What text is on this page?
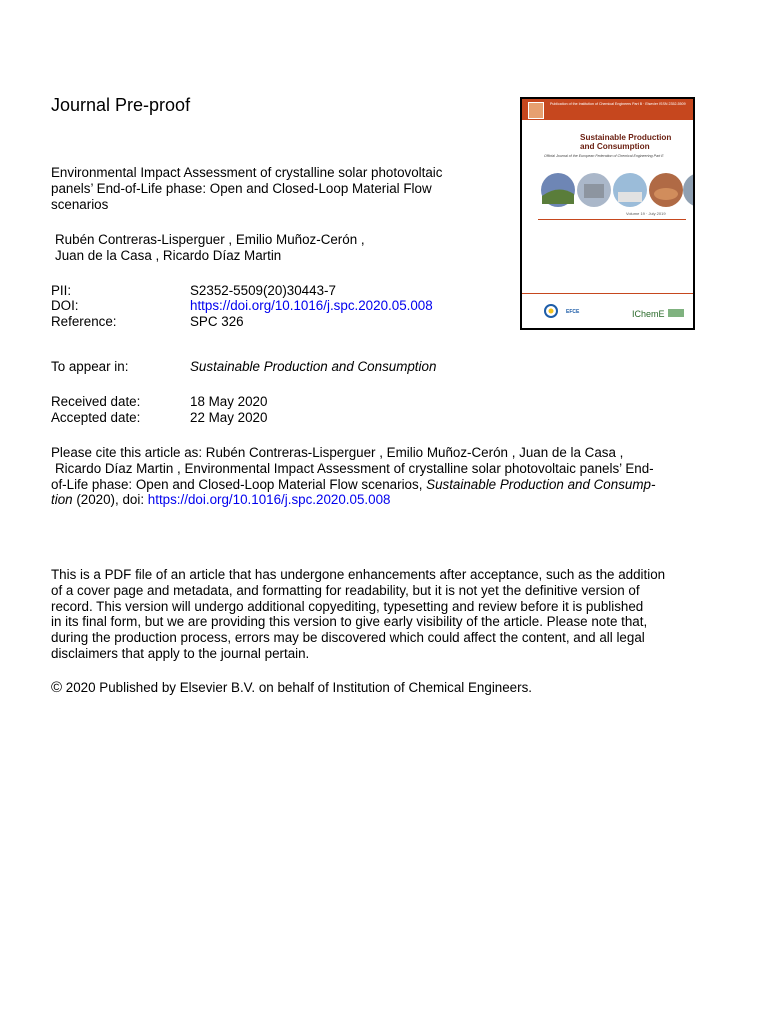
Journal Pre-proof	Publication of the Institution of Chemical Engineers Part B · Elsevier ISSN 2352-5509
Sustainable Production
and Consumption
Official Journal of the European Federation of Chemical Engineering Part E
Volume 19 · July 2019
EFCE	IChemE
Environmental Impact Assessment of crystalline solar photovoltaic
panels’ End-of-Life phase: Open and Closed-Loop Material Flow
scenarios
Rubén Contreras-Lisperguer , Emilio Muñoz-Cerón ,
Juan de la Casa , Ricardo Díaz Martin
PII:	S2352-5509(20)30443-7
DOI:	https://doi.org/10.1016/j.spc.2020.05.008
Reference:	SPC 326
To appear in:	Sustainable Production and Consumption
Received date:	18 May 2020
Accepted date:	22 May 2020
Please cite this article as: Rubén Contreras-Lisperguer , Emilio Muñoz-Cerón , Juan de la Casa ,
Ricardo Díaz Martin , Environmental Impact Assessment of crystalline solar photovoltaic panels’ End-
of-Life phase: Open and Closed-Loop Material Flow scenarios, Sustainable Production and Consump-
tion (2020), doi: https://doi.org/10.1016/j.spc.2020.05.008
This is a PDF file of an article that has undergone enhancements after acceptance, such as the addition
of a cover page and metadata, and formatting for readability, but it is not yet the definitive version of
record. This version will undergo additional copyediting, typesetting and review before it is published
in its final form, but we are providing this version to give early visibility of the article. Please note that,
during the production process, errors may be discovered which could affect the content, and all legal
disclaimers that apply to the journal pertain.
© 2020 Published by Elsevier B.V. on behalf of Institution of Chemical Engineers.
